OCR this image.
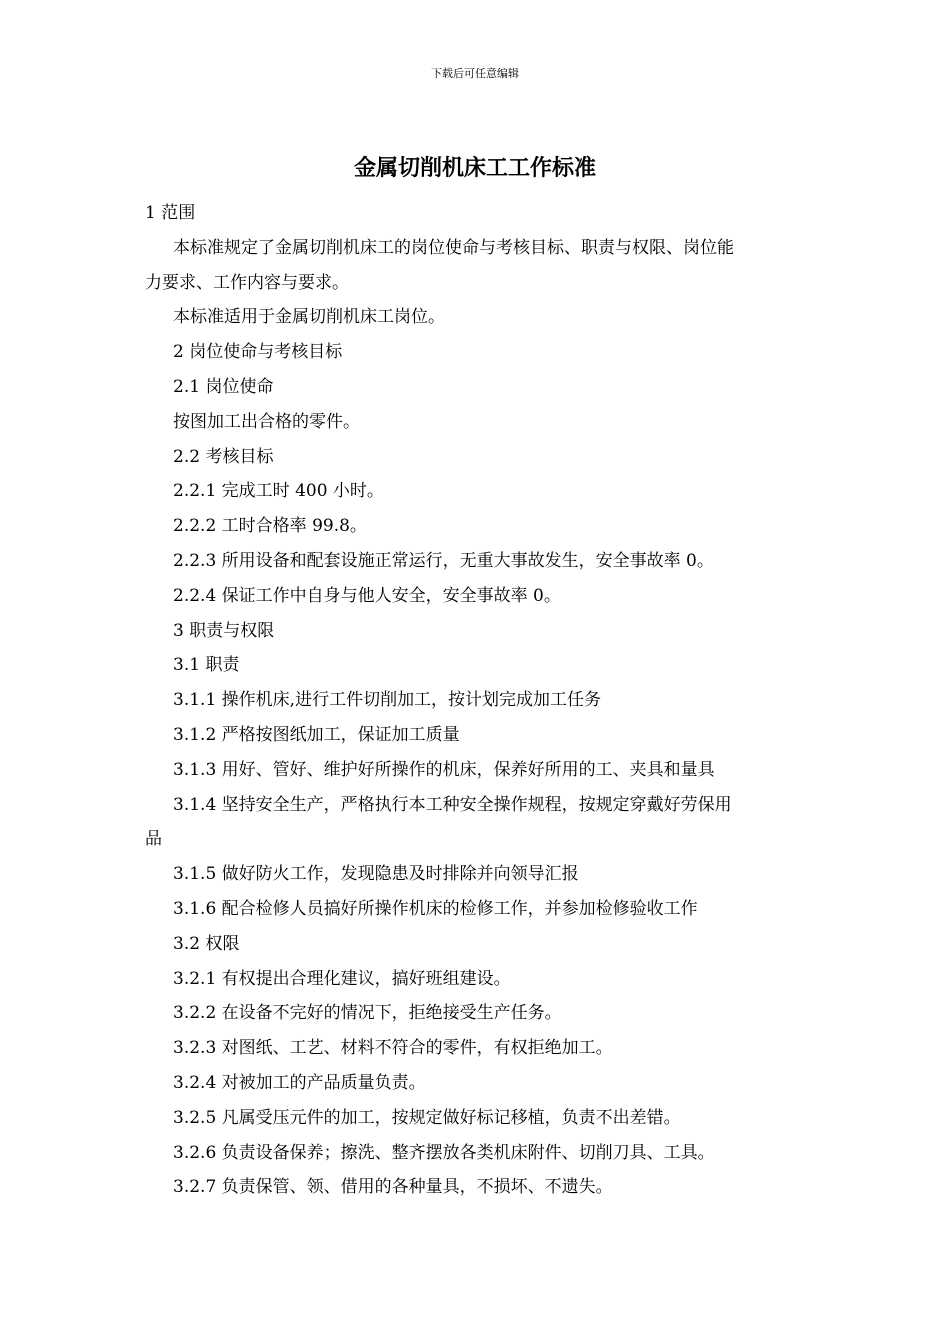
下载后可任意编辑
金属切削机床工工作标准
1 范围
本标准规定了金属切削机床工的岗位使命与考核目标、职责与权限、岗位能
力要求、工作内容与要求。
本标准适用于金属切削机床工岗位。
2 岗位使命与考核目标
2.1 岗位使命
按图加工出合格的零件。
2.2 考核目标
2.2.1 完成工时 400 小时。
2.2.2 工时合格率 99.8。
2.2.3 所用设备和配套设施正常运行，无重大事故发生，安全事故率 0。
2.2.4 保证工作中自身与他人安全，安全事故率 0。
3 职责与权限
3.1 职责
3.1.1 操作机床,进行工件切削加工，按计划完成加工任务
3.1.2 严格按图纸加工，保证加工质量
3.1.3 用好、管好、维护好所操作的机床，保养好所用的工、夹具和量具
3.1.4 坚持安全生产，严格执行本工种安全操作规程，按规定穿戴好劳保用
品
3.1.5 做好防火工作，发现隐患及时排除并向领导汇报
3.1.6 配合检修人员搞好所操作机床的检修工作，并参加检修验收工作
3.2 权限
3.2.1 有权提出合理化建议，搞好班组建设。
3.2.2 在设备不完好的情况下，拒绝接受生产任务。
3.2.3 对图纸、工艺、材料不符合的零件，有权拒绝加工。
3.2.4 对被加工的产品质量负责。
3.2.5 凡属受压元件的加工，按规定做好标记移植，负责不出差错。
3.2.6 负责设备保养；擦洗、整齐摆放各类机床附件、切削刀具、工具。
3.2.7 负责保管、领、借用的各种量具，不损坏、不遗失。
